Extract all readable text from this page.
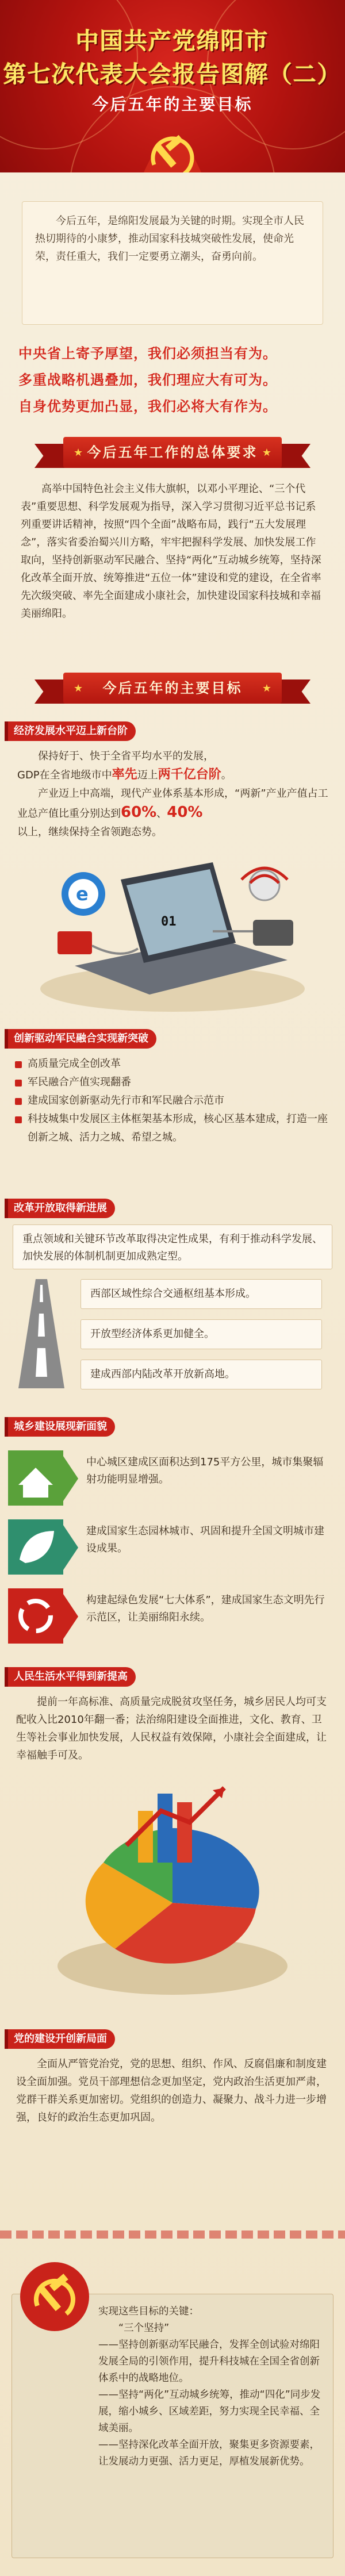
中国共产党绵阳市
第七次代表大会报告图解（二）
今后五年的主要目标

今后五年，是绵阳发展最为关键的时期。实现全市人民热切期待的小康梦，推动国家科技城突破性发展，使命光荣，责任重大，我们一定要勇立潮头，奋勇向前。

中央省上寄予厚望，我们必须担当有为。
多重战略机遇叠加，我们理应大有可为。
自身优势更加凸显，我们必将大有作为。
★	★
今后五年工作的总体要求

高举中国特色社会主义伟大旗帜，以邓小平理论、“三个代表”重要思想、科学发展观为指导，深入学习贯彻习近平总书记系列重要讲话精神，按照“四个全面”战略布局，践行“五大发展理念”，落实省委治蜀兴川方略，牢牢把握科学发展、加快发展工作取向，坚持创新驱动军民融合、坚持“两化”互动城乡统筹，坚持深化改革全面开放、统筹推进“五位一体”建设和党的建设，在全省率先次级突破、率先全面建成小康社会，加快建设国家科技城和幸福美丽绵阳。

★	★
今后五年的主要目标
经济发展水平迈上新台阶
保持好于、快于全省平均水平的发展，
GDP在全省地级市中率先迈上两千亿台阶。
产业迈上中高端，现代产业体系基本形成，“两新”产业产值占工业总产值比重分别达到60%、40%
以上，继续保持全省领跑态势。
01
e
创新驱动军民融合实现新突破
高质量完成全创改革
军民融合产值实现翻番
建成国家创新驱动先行市和军民融合示范市
科技城集中发展区主体框架基本形成，核心区基本建成，打造一座创新之城、活力之城、希望之城。
改革开放取得新进展
重点领域和关键环节改革取得决定性成果，有利于推动科学发展、加快发展的体制机制更加成熟定型。
西部区域性综合交通枢纽基本形成。
开放型经济体系更加健全。
建成西部内陆改革开放新高地。
城乡建设展现新面貌
中心城区建成区面积达到175平方公里，城市集聚辐射功能明显增强。
建成国家生态园林城市、巩固和提升全国文明城市建设成果。
构建起绿色发展“七大体系”，建成国家生态文明先行示范区，让美丽绵阳永续。
人民生活水平得到新提高

提前一年高标准、高质量完成脱贫攻坚任务，城乡居民人均可支配收入比2010年翻一番；法治绵阳建设全面推进，文化、教育、卫生等社会事业加快发展，人民权益有效保障，小康社会全面建成，让幸福触手可及。

党的建设开创新局面

全面从严管党治党，党的思想、组织、作风、反腐倡廉和制度建设全面加强。党员干部理想信念更加坚定，党内政治生活更加严肃，党群干群关系更加密切。党组织的创造力、凝聚力、战斗力进一步增强，良好的政治生态更加巩固。

实现这些目标的关键：

“三个坚持”

——坚持创新驱动军民融合，发挥全创试验对绵阳发展全局的引领作用，提升科技城在全国全省创新体系中的战略地位。

——坚持“两化”互动城乡统筹，推动“四化”同步发展，缩小城乡、区域差距，努力实现全民幸福、全域美丽。

——坚持深化改革全面开放，聚集更多资源要素，让发展动力更强、活力更足，厚植发展新优势。
